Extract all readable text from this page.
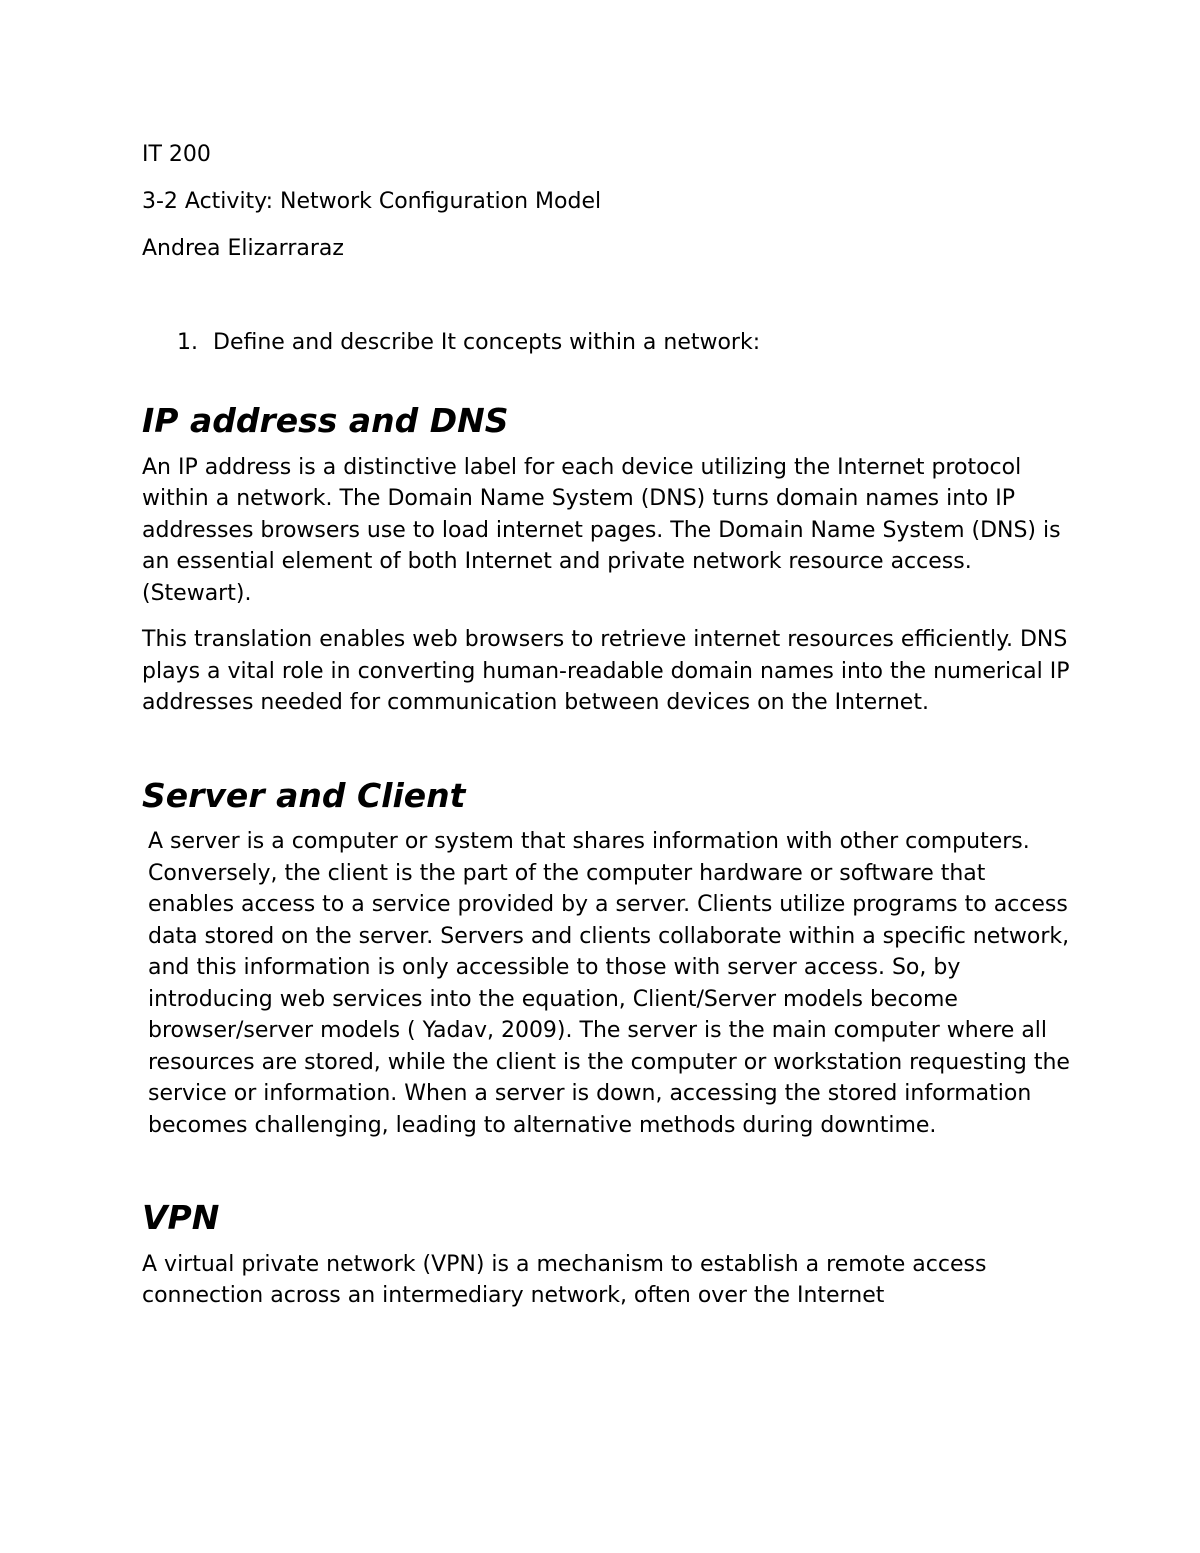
IT 200

3-2 Activity: Network Configuration Model

Andrea Elizarraraz

1. Define and describe It concepts within a network:
IP address and DNS

An IP address is a distinctive label for each device utilizing the Internet protocol within a network. The Domain Name System (DNS) turns domain names into IP addresses browsers use to load internet pages. The Domain Name System (DNS) is an essential element of both Internet and private network resource access. (Stewart).

This translation enables web browsers to retrieve internet resources efficiently. DNS plays a vital role in converting human-readable domain names into the numerical IP addresses needed for communication between devices on the Internet.

Server and Client

A server is a computer or system that shares information with other computers. Conversely, the client is the part of the computer hardware or software that enables access to a service provided by a server. Clients utilize programs to access data stored on the server. Servers and clients collaborate within a specific network, and this information is only accessible to those with server access. So, by introducing web services into the equation, Client/Server models become browser/server models ( Yadav, 2009). The server is the main computer where all resources are stored, while the client is the computer or workstation requesting the service or information. When a server is down, accessing the stored information becomes challenging, leading to alternative methods during downtime.

VPN

A virtual private network (VPN) is a mechanism to establish a remote access connection across an intermediary network, often over the Internet
